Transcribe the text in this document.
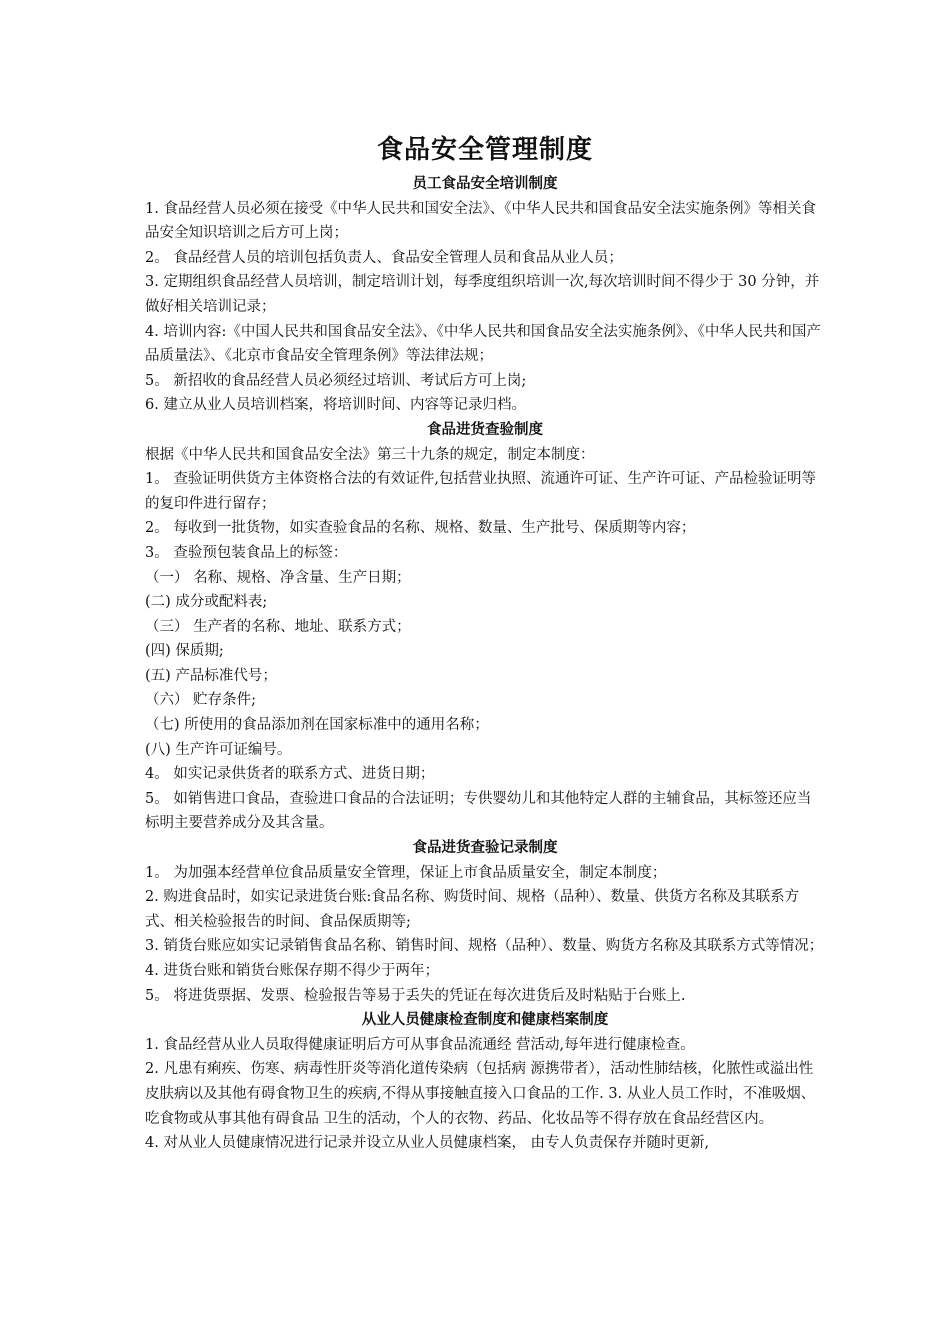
食品安全管理制度
员工食品安全培训制度

1. 食品经营人员必须在接受《中华人民共和国安全法》、《中华人民共和国食品安全法实施条例》等相关食品安全知识培训之后方可上岗；

2。 食品经营人员的培训包括负责人、食品安全管理人员和食品从业人员；

3. 定期组织食品经营人员培训，制定培训计划，每季度组织培训一次,每次培训时间不得少于 30 分钟，并做好相关培训记录；

4. 培训内容:《中国人民共和国食品安全法》、《中华人民共和国食品安全法实施条例》、《中华人民共和国产品质量法》、《北京市食品安全管理条例》等法律法规；

5。 新招收的食品经营人员必须经过培训、考试后方可上岗;

6. 建立从业人员培训档案，将培训时间、内容等记录归档。

食品进货查验制度

根据《中华人民共和国食品安全法》第三十九条的规定，制定本制度：

1。 查验证明供货方主体资格合法的有效证件,包括营业执照、流通许可证、生产许可证、产品检验证明等的复印件进行留存；

2。 每收到一批货物，如实查验食品的名称、规格、数量、生产批号、保质期等内容；

3。 查验预包装食品上的标签：

（一） 名称、规格、净含量、生产日期；

(二) 成分或配料表;

（三） 生产者的名称、地址、联系方式；

(四) 保质期;

(五) 产品标准代号；

（六） 贮存条件;

（七) 所使用的食品添加剂在国家标准中的通用名称；

(八) 生产许可证编号。

4。 如实记录供货者的联系方式、进货日期；

5。 如销售进口食品，查验进口食品的合法证明；专供婴幼儿和其他特定人群的主辅食品，其标签还应当标明主要营养成分及其含量。

食品进货查验记录制度

1。 为加强本经营单位食品质量安全管理，保证上市食品质量安全，制定本制度；

2. 购进食品时，如实记录进货台账:食品名称、购货时间、规格（品种）、数量、供货方名称及其联系方式、相关检验报告的时间、食品保质期等;

3. 销货台账应如实记录销售食品名称、销售时间、规格（品种）、数量、购货方名称及其联系方式等情况；

4. 进货台账和销货台账保存期不得少于两年；

5。 将进货票据、发票、检验报告等易于丢失的凭证在每次进货后及时粘贴于台账上.

从业人员健康检查制度和健康档案制度

1. 食品经营从业人员取得健康证明后方可从事食品流通经 营活动,每年进行健康检查。

2. 凡患有痢疾、伤寒、病毒性肝炎等消化道传染病（包括病 源携带者），活动性肺结核，化脓性或溢出性皮肤病以及其他有碍食物卫生的疾病,不得从事接触直接入口食品的工作. 3. 从业人员工作时，不准吸烟、吃食物或从事其他有碍食品 卫生的活动，个人的衣物、药品、化妆品等不得存放在食品经营区内。

4. 对从业人员健康情况进行记录并设立从业人员健康档案， 由专人负责保存并随时更新,
